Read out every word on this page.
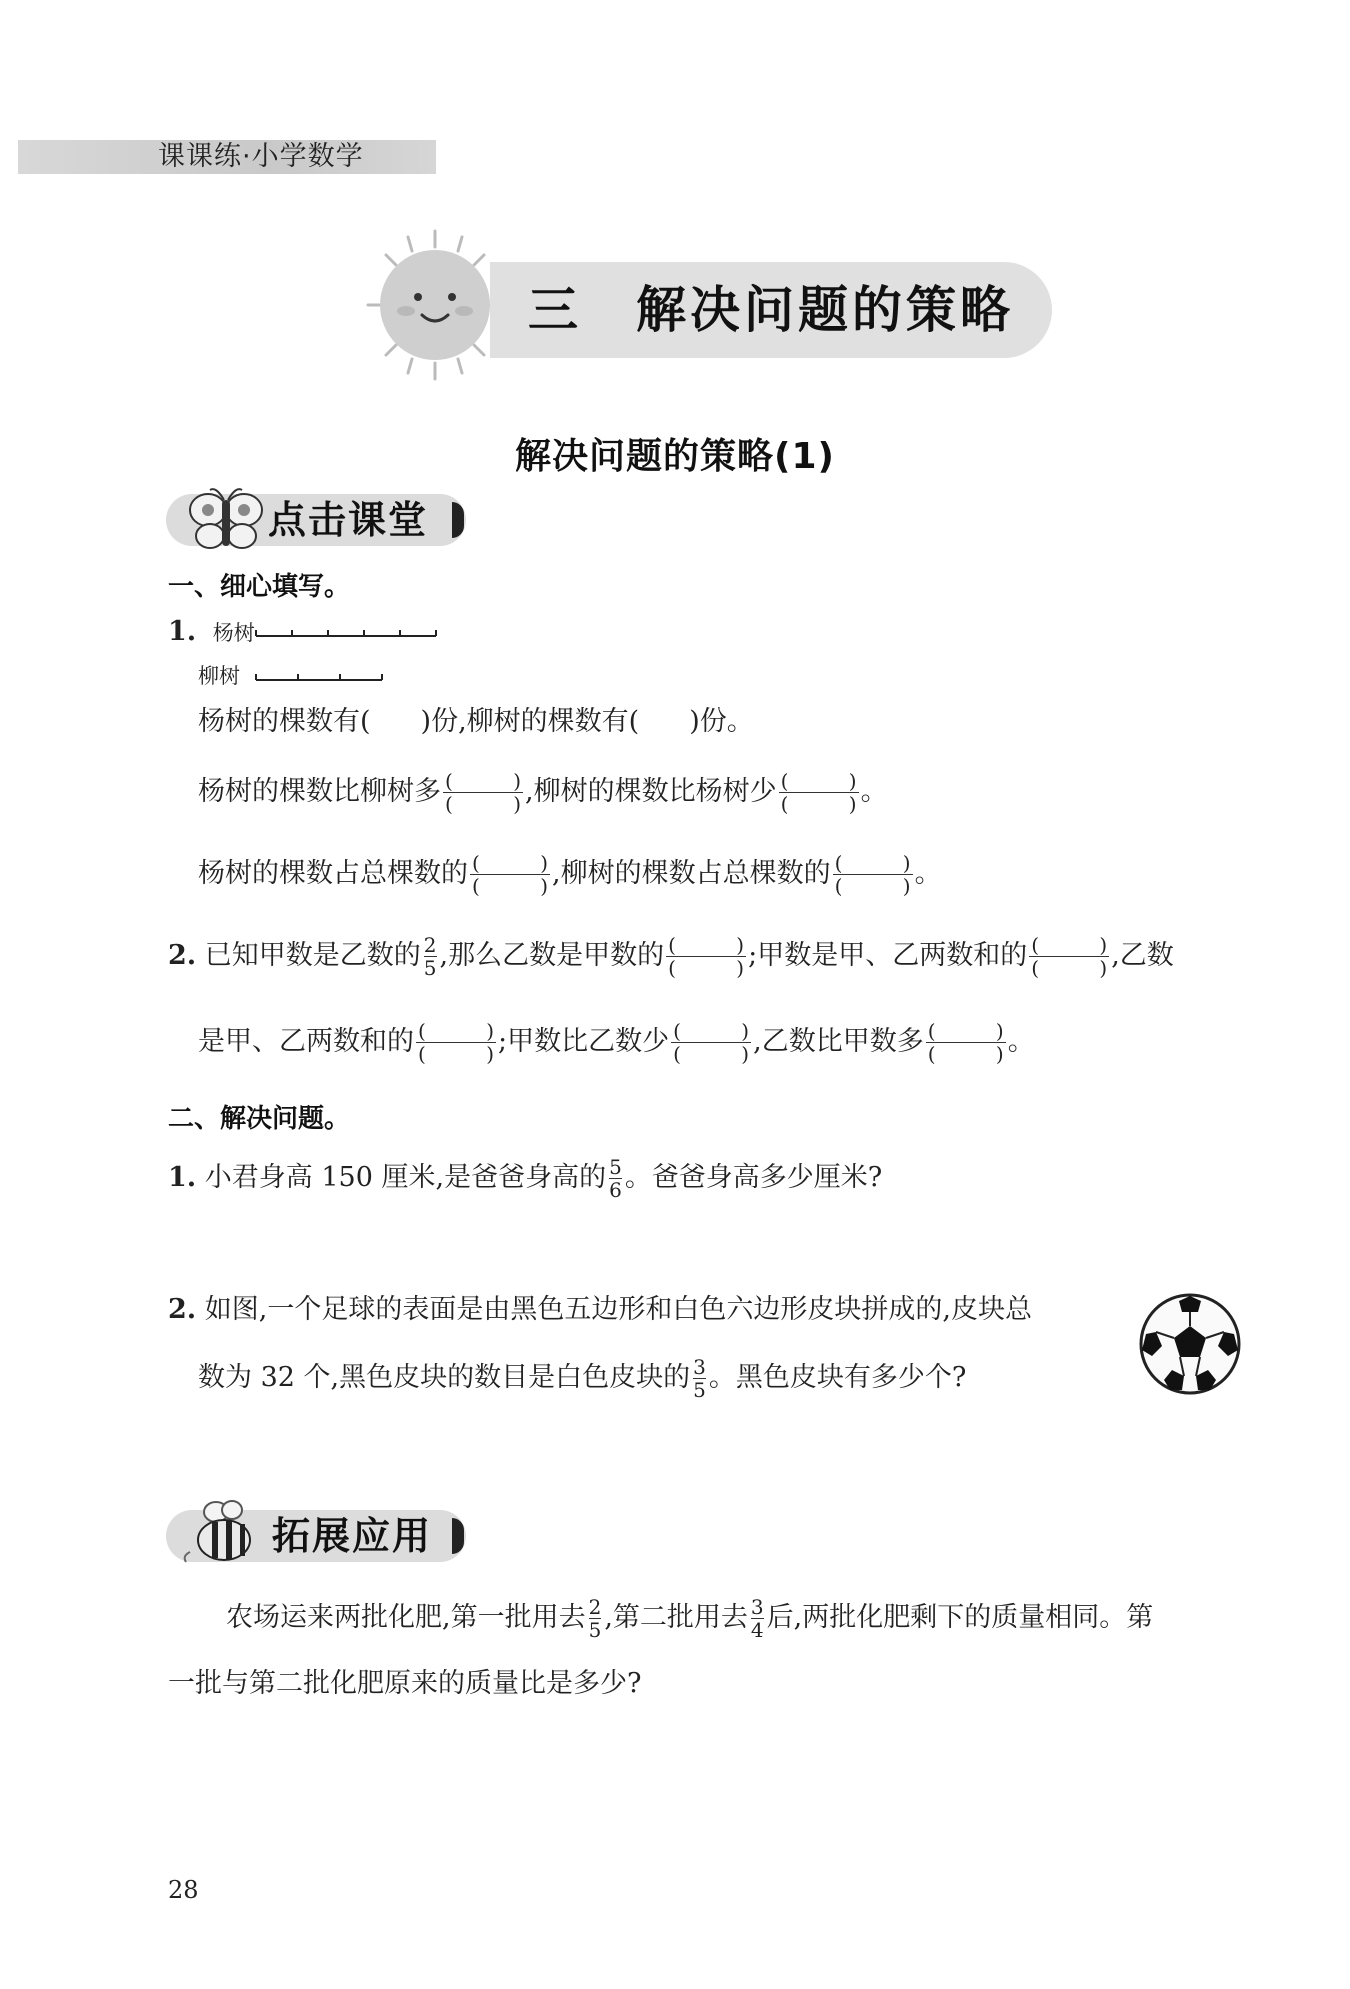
课课练·小学数学
三　解决问题的策略
解决问题的策略(1)
点击课堂
一、细心填写。
1. 杨树
柳树
杨树的棵数有( )份,柳树的棵数有( )份。
杨树的棵数比柳树多 (	)
(	) ,柳树的棵数比杨树少 (	)
(	) 。
杨树的棵数占总棵数的 (	)
(	) ,柳树的棵数占总棵数的 (	)
(	) 。
2. 已知甲数是乙数的 $\frac{2}{5}$ ,那么乙数是甲数的 (	)
(	) ;甲数是甲、乙两数和的 (	)
(	) ,乙数
是甲、乙两数和的 (	)
(	) ;甲数比乙数少 (	)
(	) ,乙数比甲数多 (	)
(	) 。
二、解决问题。
1. 小君身高 150 厘米,是爸爸身高的 $\frac{5}{6}$ 。爸爸身高多少厘米?
2. 如图,一个足球的表面是由黑色五边形和白色六边形皮块拼成的,皮块总
数为 32 个,黑色皮块的数目是白色皮块的 $\frac{3}{5}$ 。黑色皮块有多少个?
拓展应用
农场运来两批化肥,第一批用去 $\frac{2}{5}$ ,第二批用去 $\frac{3}{4}$ 后,两批化肥剩下的质量相同。第
一批与第二批化肥原来的质量比是多少?
28
